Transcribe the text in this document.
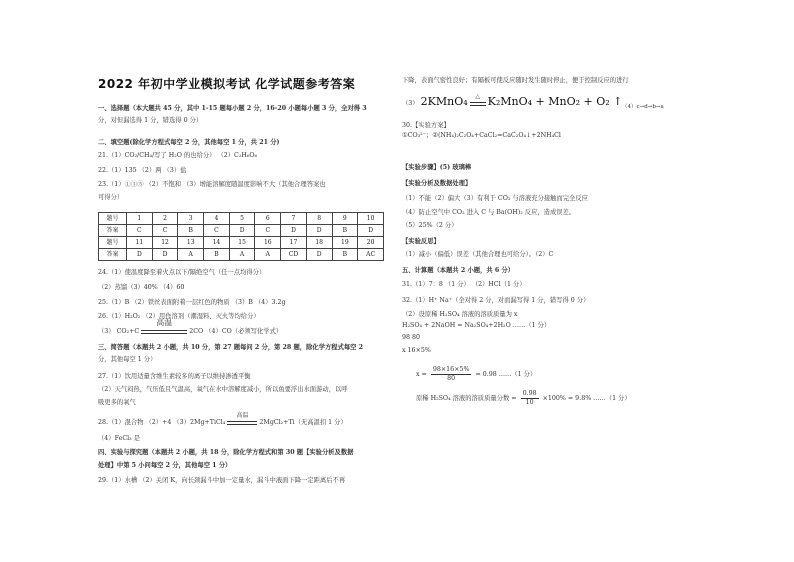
2022 年初中学业模拟考试 化学试题参考答案
一、选择题（本大题共 45 分，其中 1-15 题每小题 2 分，16-20 小题每小题 3 分，全对得 3
分，对但漏选得 1 分，错选得 0 分）
二、填空题(除化学方程式每空 2 分，其他每空 1 分，共 21 分)
21.（1）CO₂/CH₄/写了 H₂O 的也给分） （2）C₂H₆O₆
22.（1）135 （2）两 （3）盐
23.（1）①③⑤ （2）不饱和 （3）增能溶解度随温度影响不大（其他合理答案也
可得分）
题号	1	2	3	4	5	6	7	8	9	10
答案	C	C	B	C	D	C	D	D	B	D
题号	11	12	13	14	15	16	17	18	19	20
答案	D	D	A	B	A	A	CD	D	B	AC
24.（1）使温度降至着火点以下/隔绝空气（任一点均得分）
（2）蒸馏（3）40% （4）60
25.（1）B （2）铁丝表面附着一层红色的物质 （3）B （4）3.2g
26.（1）H₂O₂ （2）用作溶剂（潮湿料、灭火等均给分）
（3） CO₂+C
高温
2CO （4）CO（必须写化学式）
三、简答题（本题共 2 小题，共 10 分，第 27 题每问 2 分，第 28 题，除化学方程式每空 2
分，其他每空 1 分）
27.（1）饮用适量含维生素较多的离子以维持渗透平衡
（2）天气闷热，气压低且气温高，氧气在水中溶解度减小，所以鱼要浮出水面游动，以呼
吸更多的氧气
28.（1）混合物 （2）+4 （3）2Mg+TiCl₄
高温
2MgCl₂+Ti（无高温扣 1 分）
（4）FeCl₃ 是
四、实验与探究题（本题共 2 小题，共 18 分，除化学方程式和第 30 题【实验分析及数据
处理】中第 5 小问每空 2 分，其他每空 1 分）
29.（1）水槽 （2）关闭 K，向长颈漏斗中加一定量水，漏斗中液面下降一定距离后不再
下降，表面气密性良好；有隔板可使反应随时发生随时停止，便于控制反应的进行
（3） 2KMnO₄	△ K₂MnO₄ + MnO₂ + O₂ ↑ （4）c→d→b→a
30.【实验方案】
①CO₃²⁻；②(NH₄)₂C₂O₄+CaCl₂=CaC₂O₄↓+2NH₄Cl
【实验步骤】(5) 玻璃棒
【实验分析及数据处理】
（1）不能（2）偏大（3）有利于 CO₂ 与溶液充分接触而完全反应
（4）防止空气中 CO₂ 进入 C 与 Ba(OH)₂ 反应，造成误差。
（5）25%（2 分）
【实验反思】
（1）减小（偏低）误差（其他合理也可给分）。（2）C
五、计算题（本题共 2 小题，共 6 分）
31.（1）7：8 （1 分） （2）HCl（1 分）
32.（1）H⁺ Na⁺（全对得 2 分，对而漏写得 1 分，错写得 0 分）
（2）设原稀 H₂SO₄ 溶液的溶质质量为 x
H₂SO₄ + 2NaOH = Na₂SO₄+2H₂O ……（1 分）
98 80
x 16×5%
$x = \frac{98\times 16\times 5\%}{80} = 0.98$ ……（1 分）
原稀 H₂SO₄ 溶液的溶质质量分数 = $\frac{0.98}{10} \times 100\% = 9.8\%$ ……（1 分）
